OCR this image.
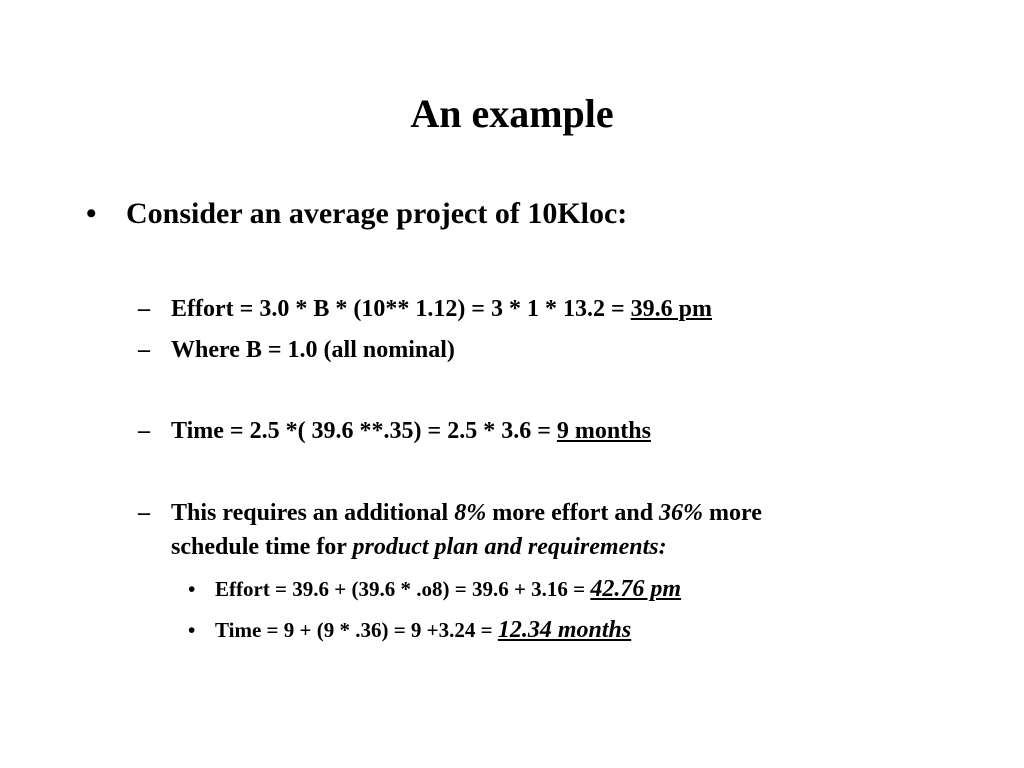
An example
• Consider an average project of 10Kloc:
– Effort = 3.0 * B * (10** 1.12) = 3 * 1 * 13.2 = 39.6 pm
– Where B = 1.0 (all nominal)
– Time = 2.5 *( 39.6 **.35) = 2.5 * 3.6 = 9 months
– This requires an additional 8% more effort and 36% more
schedule time for product plan and requirements:
• Effort = 39.6 + (39.6 * .o8) = 39.6 + 3.16 = 42.76 pm
• Time = 9 + (9 * .36) = 9 +3.24 = 12.34 months
